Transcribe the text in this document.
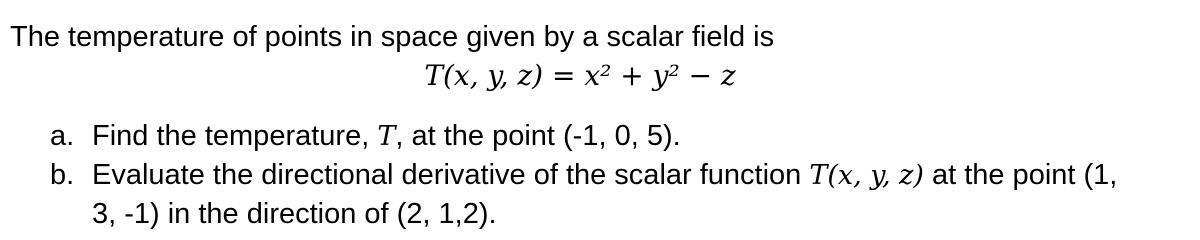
The temperature of points in space given by a scalar field is
T(x, y, z) = x² + y² − z
a. Find the temperature, T, at the point (-1, 0, 5).
b. Evaluate the directional derivative of the scalar function T(x, y, z) at the point (1,
3, -1) in the direction of (2, 1,2).
